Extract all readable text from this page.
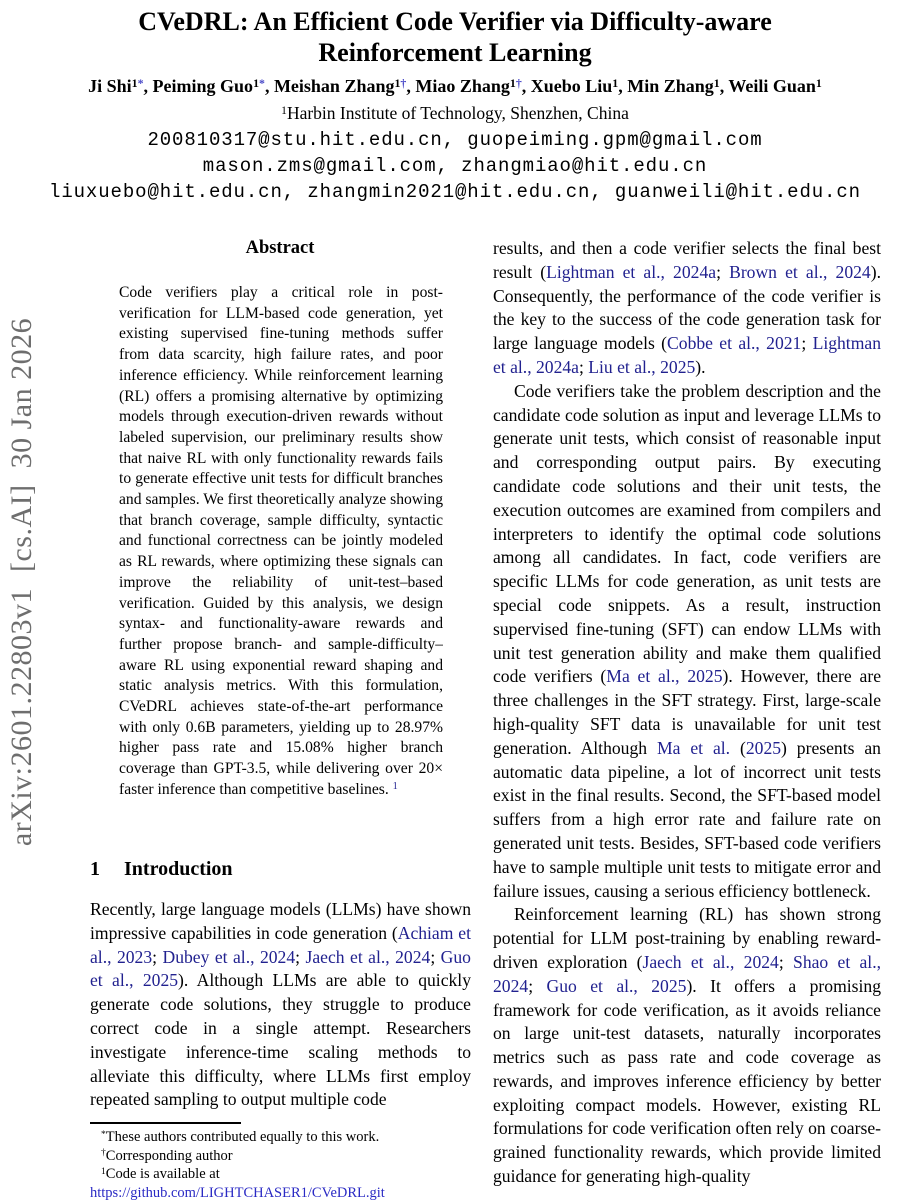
arXiv:2601.22803v1  [cs.AI]  30 Jan 2026
CVeDRL: An Efficient Code Verifier via Difficulty-aware
Reinforcement Learning
Ji Shi$^{1*}$, Peiming Guo$^{1*}$, Meishan Zhang$^{1\dagger}$, Miao Zhang$^{1\dagger}$, Xuebo Liu$^1$, Min Zhang$^1$, Weili Guan$^1$
$^1$Harbin Institute of Technology, Shenzhen, China
200810317@stu.hit.edu.cn, guopeiming.gpm@gmail.com
mason.zms@gmail.com, zhangmiao@hit.edu.cn
liuxuebo@hit.edu.cn, zhangmin2021@hit.edu.cn, guanweili@hit.edu.cn
Abstract

Code verifiers play a critical role in post-verification for LLM-based code generation, yet existing supervised fine-tuning methods suffer from data scarcity, high failure rates, and poor inference efficiency. While reinforcement learning (RL) offers a promising alternative by optimizing models through execution-driven rewards without labeled supervision, our preliminary results show that naive RL with only functionality rewards fails to generate effective unit tests for difficult branches and samples. We first theoretically analyze showing that branch coverage, sample difficulty, syntactic and functional correctness can be jointly modeled as RL rewards, where optimizing these signals can improve the reliability of unit-test–based verification. Guided by this analysis, we design syntax- and functionality-aware rewards and further propose branch- and sample-difficulty–aware RL using exponential reward shaping and static analysis metrics. With this formulation, CVeDRL achieves state-of-the-art performance with only 0.6B parameters, yielding up to 28.97% higher pass rate and 15.08% higher branch coverage than GPT-3.5, while delivering over 20× faster inference than competitive baselines. $^1$

1 Introduction

Recently, large language models (LLMs) have shown impressive capabilities in code generation (Achiam et al., 2023; Dubey et al., 2024; Jaech et al., 2024; Guo et al., 2025). Although LLMs are able to quickly generate code solutions, they struggle to produce correct code in a single attempt. Researchers investigate inference-time scaling methods to alleviate this difficulty, where LLMs first employ repeated sampling to output multiple code

*These authors contributed equally to this work.
†Corresponding author
$^1$Code is available at
https://github.com/LIGHTCHASER1/CVeDRL.git

results, and then a code verifier selects the final best result (Lightman et al., 2024a; Brown et al., 2024). Consequently, the performance of the code verifier is the key to the success of the code generation task for large language models (Cobbe et al., 2021; Lightman et al., 2024a; Liu et al., 2025).

Code verifiers take the problem description and the candidate code solution as input and leverage LLMs to generate unit tests, which consist of reasonable input and corresponding output pairs. By executing candidate code solutions and their unit tests, the execution outcomes are examined from compilers and interpreters to identify the optimal code solutions among all candidates. In fact, code verifiers are specific LLMs for code generation, as unit tests are special code snippets. As a result, instruction supervised fine-tuning (SFT) can endow LLMs with unit test generation ability and make them qualified code verifiers (Ma et al., 2025). However, there are three challenges in the SFT strategy. First, large-scale high-quality SFT data is unavailable for unit test generation. Although Ma et al. (2025) presents an automatic data pipeline, a lot of incorrect unit tests exist in the final results. Second, the SFT-based model suffers from a high error rate and failure rate on generated unit tests. Besides, SFT-based code verifiers have to sample multiple unit tests to mitigate error and failure issues, causing a serious efficiency bottleneck.

Reinforcement learning (RL) has shown strong potential for LLM post-training by enabling reward-driven exploration (Jaech et al., 2024; Shao et al., 2024; Guo et al., 2025). It offers a promising framework for code verification, as it avoids reliance on large unit-test datasets, naturally incorporates metrics such as pass rate and code coverage as rewards, and improves inference efficiency by better exploiting compact models. However, existing RL formulations for code verification often rely on coarse-grained functionality rewards, which provide limited guidance for generating high-quality
